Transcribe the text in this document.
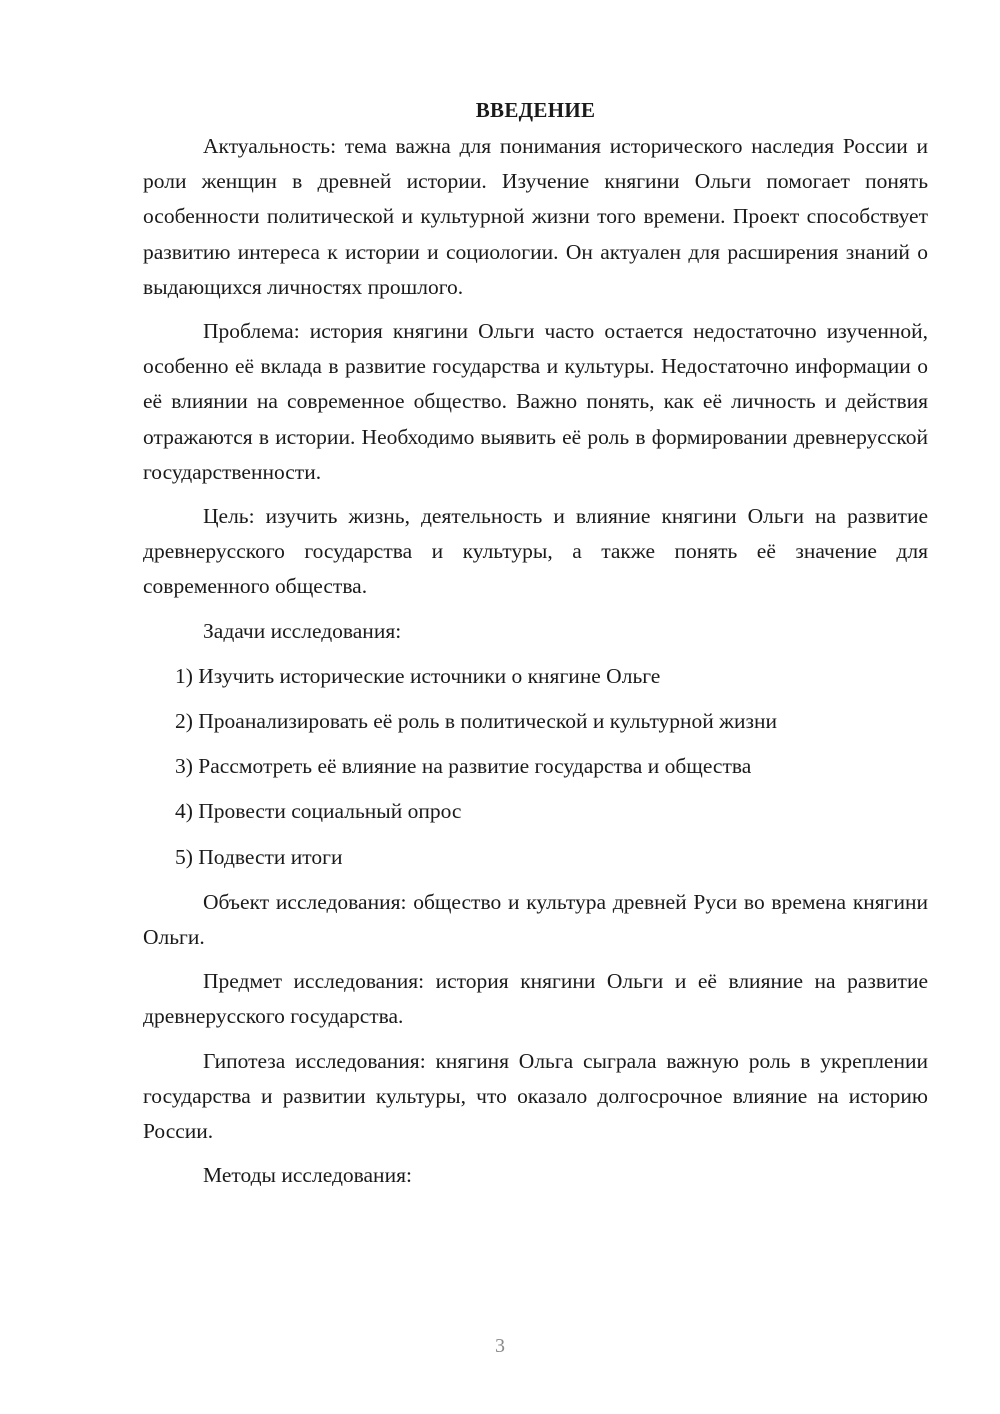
ВВЕДЕНИЕ

Актуальность: тема важна для понимания исторического наследия России и роли женщин в древней истории. Изучение княгини Ольги помогает понять особенности политической и культурной жизни того времени. Проект способствует развитию интереса к истории и социологии. Он актуален для расширения знаний о выдающихся личностях прошлого.

Проблема: история княгини Ольги часто остается недостаточно изученной, особенно её вклада в развитие государства и культуры. Недостаточно информации о её влиянии на современное общество. Важно понять, как её личность и действия отражаются в истории. Необходимо выявить её роль в формировании древнерусской государственности.

Цель: изучить жизнь, деятельность и влияние княгини Ольги на развитие древнерусского государства и культуры, а также понять её значение для современного общества.

Задачи исследования:

1) Изучить исторические источники о княгине Ольге
2) Проанализировать её роль в политической и культурной жизни
3) Рассмотреть её влияние на развитие государства и общества
4) Провести социальный опрос
5) Подвести итоги

Объект исследования: общество и культура древней Руси во времена княгини Ольги.

Предмет исследования: история княгини Ольги и её влияние на развитие древнерусского государства.

Гипотеза исследования: княгиня Ольга сыграла важную роль в укреплении государства и развитии культуры, что оказало долгосрочное влияние на историю России.

Методы исследования:

3
